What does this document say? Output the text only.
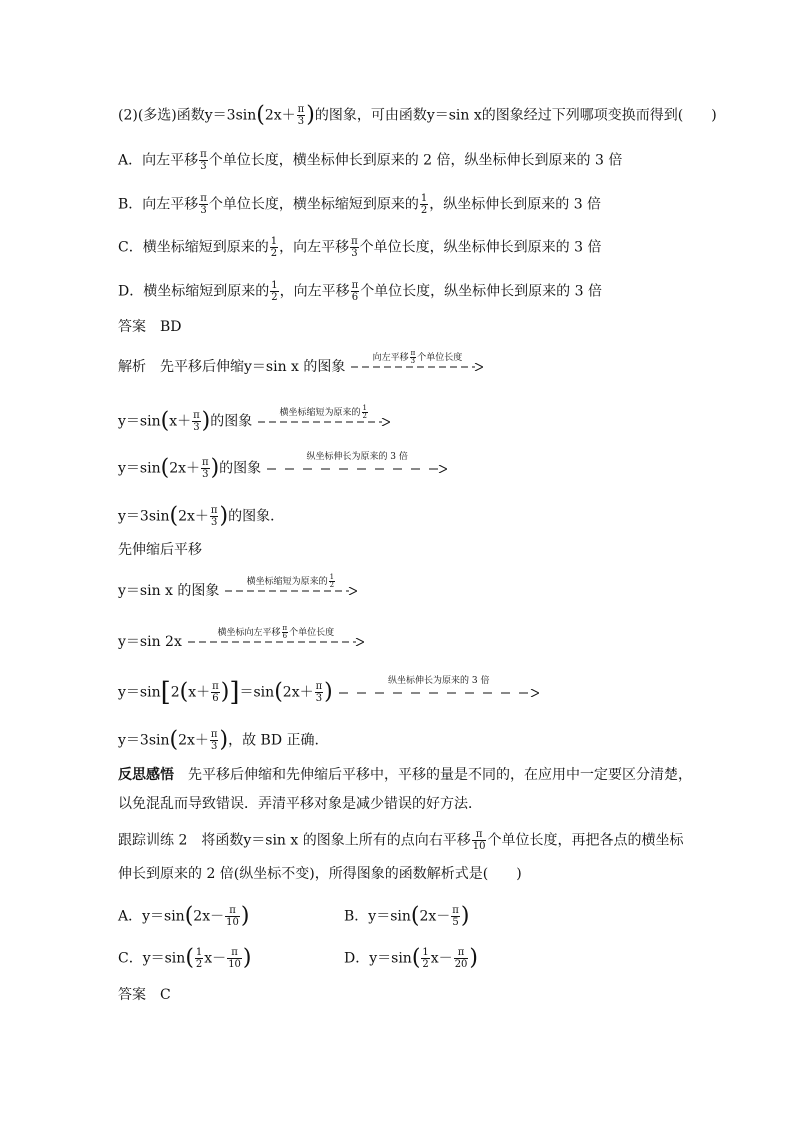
(2)(多选)函数$y=3\sin(2x+ \frac{\pi}{3}$ )的图象，可由函数y＝sin x的图象经过下列哪项变换而得到(　　)
A．向左平移 $\frac{\pi}{3}$ 个单位长度，横坐标伸长到原来的 2 倍，纵坐标伸长到原来的 3 倍
B．向左平移 $\frac{\pi}{3}$ 个单位长度，横坐标缩短到原来的 $\frac{1}{2}$ ，纵坐标伸长到原来的 3 倍
C．横坐标缩短到原来的 $\frac{1}{2}$ ，向左平移 $\frac{\pi}{3}$ 个单位长度，纵坐标伸长到原来的 3 倍
D．横坐标缩短到原来的 $\frac{1}{2}$ ，向左平移 $\frac{\pi}{6}$ 个单位长度，纵坐标伸长到原来的 3 倍
答案　 BD
解析　 先平移后伸缩y＝sin x 的图象
向左平移 $\frac{\pi}{3}$ 个单位长度
$y=\sin(x+ \frac{\pi}{3}$ )的图象
横坐标缩短为原来的 $\frac{1}{2}$
$y=\sin(2x+ \frac{\pi}{3}$ )的图象
纵坐标伸长为原来的 3 倍
$y=3\sin(2x+ \frac{\pi}{3}$ )的图象．
先伸缩后平移
y＝sin x 的图象
横坐标缩短为原来的 $\frac{1}{2}$
y＝sin 2x
横坐标向左平移 $\frac{\pi}{6}$ 个单位长度
$y=\sin[2(x+ \frac{\pi}{6} )]=\sin(2x+ \frac{\pi}{3}$ )	纵坐标伸长为原来的 3 倍
$y=3\sin(2x+ \frac{\pi}{3}$ )，故 BD 正确.
反思感悟　先平移后伸缩和先伸缩后平移中，平移的量是不同的，在应用中一定要区分清楚，
以免混乱而导致错误．弄清平移对象是减少错误的好方法．
跟踪训练 2　将函数y＝sin x 的图象上所有的点向右平移 $\frac{\pi}{10}$ 个单位长度，再把各点的横坐标
伸长到原来的 2 倍(纵坐标不变)，所得图象的函数解析式是(　　)
A．$y=\sin(2x- \frac{\pi}{10}$ )	B．$y=\sin(2x- \frac{\pi}{5}$ )
C．$y=\sin( \frac{1}{2} x- \frac{\pi}{10}$ )	D．$y=\sin( \frac{1}{2} x- \frac{\pi}{20}$ )
答案　 C
